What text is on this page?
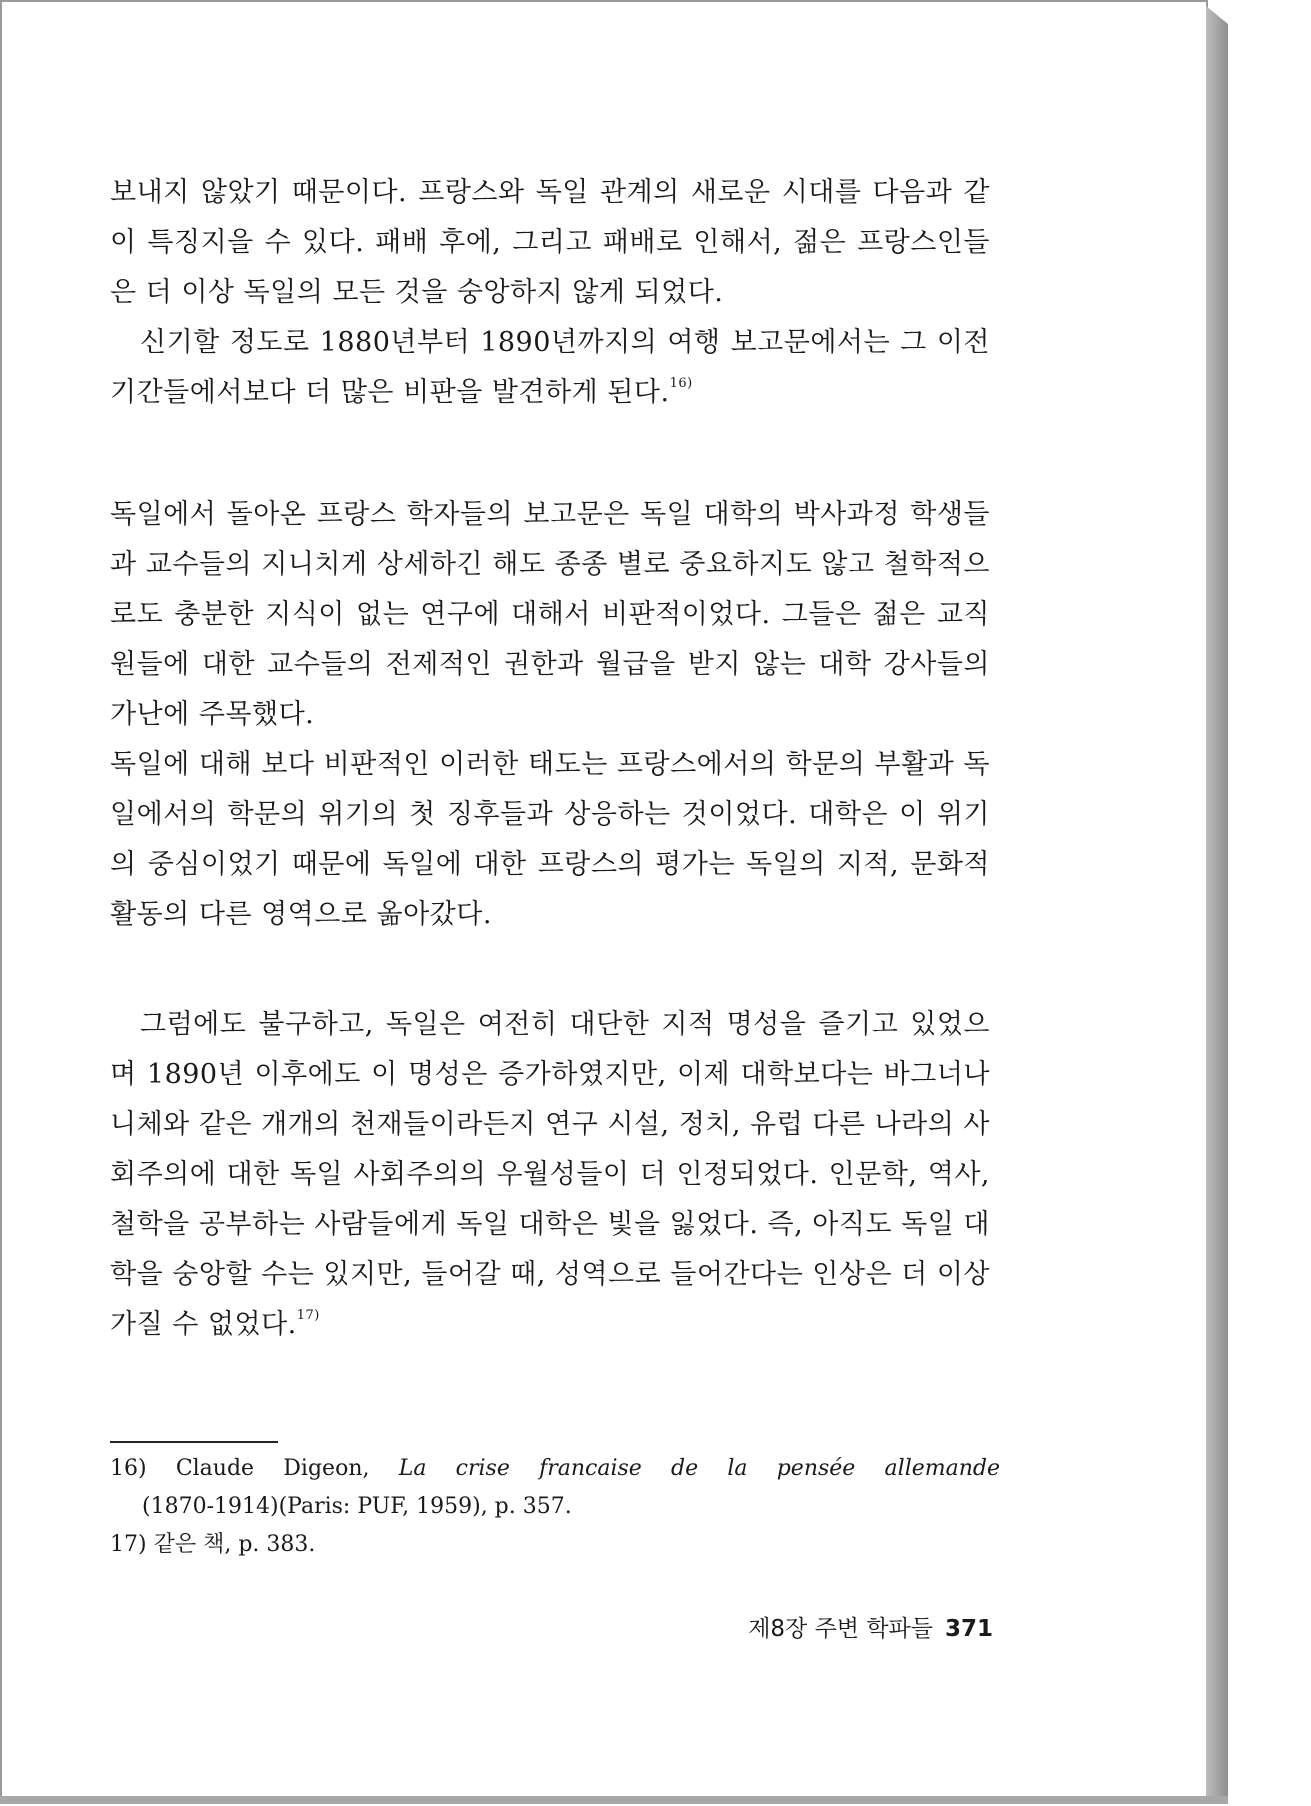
보내지 않았기 때문이다. 프랑스와 독일 관계의 새로운 시대를 다음과 같이 특징지을 수 있다. 패배 후에, 그리고 패배로 인해서, 젊은 프랑스인들은 더 이상 독일의 모든 것을 숭앙하지 않게 되었다.

신기할 정도로 1880년부터 1890년까지의 여행 보고문에서는 그 이전 기간들에서보다 더 많은 비판을 발견하게 된다.$^{16)}$

독일에서 돌아온 프랑스 학자들의 보고문은 독일 대학의 박사과정 학생들과 교수들의 지니치게 상세하긴 해도 종종 별로 중요하지도 않고 철학적으로도 충분한 지식이 없는 연구에 대해서 비판적이었다. 그들은 젊은 교직원들에 대한 교수들의 전제적인 권한과 월급을 받지 않는 대학 강사들의 가난에 주목했다.

독일에 대해 보다 비판적인 이러한 태도는 프랑스에서의 학문의 부활과 독일에서의 학문의 위기의 첫 징후들과 상응하는 것이었다. 대학은 이 위기의 중심이었기 때문에 독일에 대한 프랑스의 평가는 독일의 지적, 문화적 활동의 다른 영역으로 옮아갔다.

그럼에도 불구하고, 독일은 여전히 대단한 지적 명성을 즐기고 있었으며 1890년 이후에도 이 명성은 증가하였지만, 이제 대학보다는 바그너나 니체와 같은 개개의 천재들이라든지 연구 시설, 정치, 유럽 다른 나라의 사회주의에 대한 독일 사회주의의 우월성들이 더 인정되었다. 인문학, 역사, 철학을 공부하는 사람들에게 독일 대학은 빛을 잃었다. 즉, 아직도 독일 대학을 숭앙할 수는 있지만, 들어갈 때, 성역으로 들어간다는 인상은 더 이상 가질 수 없었다.$^{17)}$

16) Claude Digeon, La crise francaise de la pensée allemande

(1870-1914)(Paris: PUF, 1959), p. 357.

17) 같은 책, p. 383.

제8장 주변 학파들 371
